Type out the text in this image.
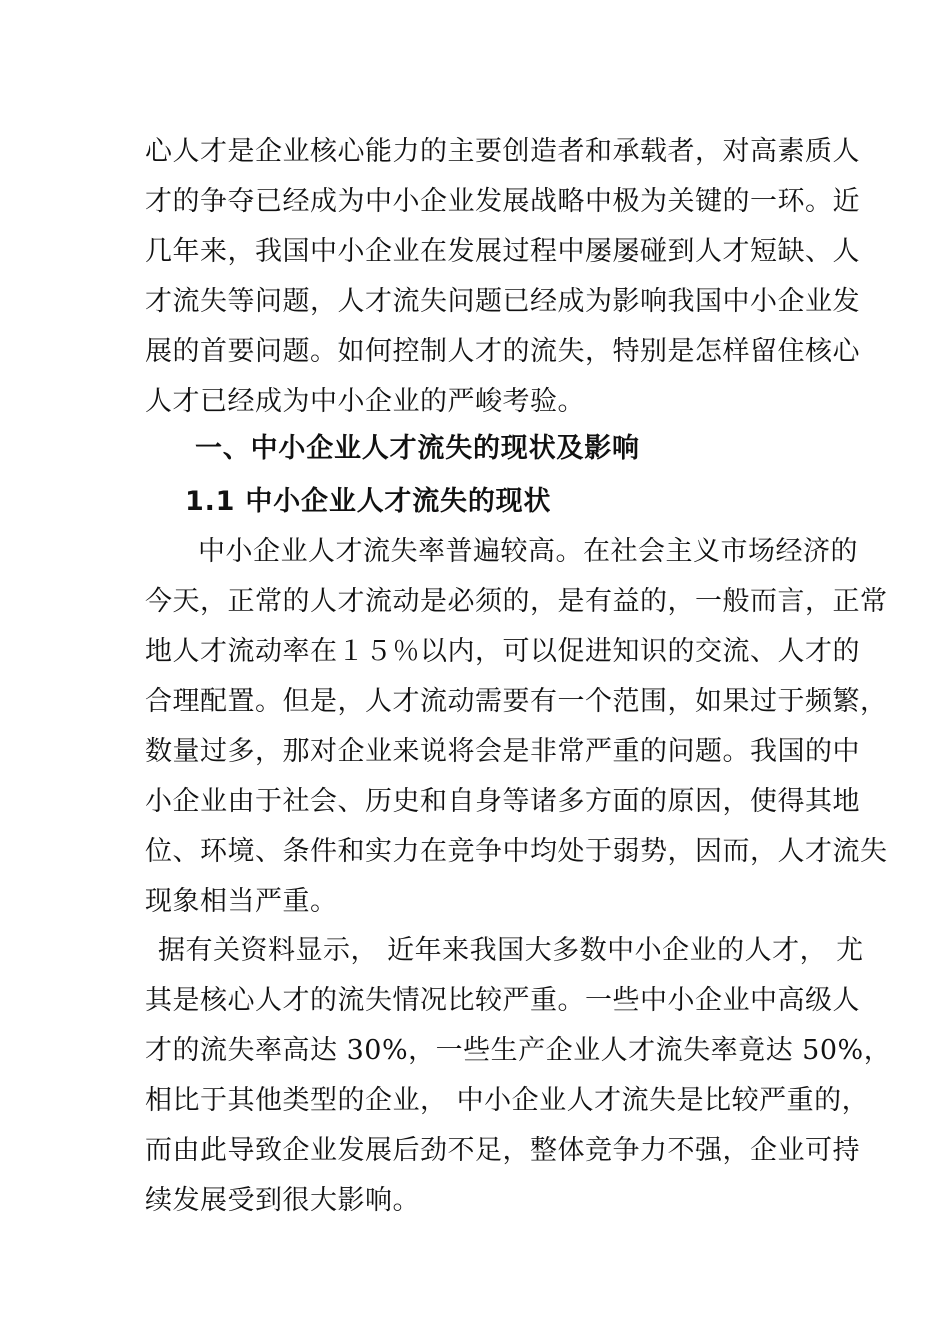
心人才是企业核心能力的主要创造者和承载者，对高素质人
才的争夺已经成为中小企业发展战略中极为关键的一环。近
几年来，我国中小企业在发展过程中屡屡碰到人才短缺、人
才流失等问题，人才流失问题已经成为影响我国中小企业发
展的首要问题。如何控制人才的流失，特别是怎样留住核心
人才已经成为中小企业的严峻考验。
一、中小企业人才流失的现状及影响
1.1 中小企业人才流失的现状
中小企业人才流失率普遍较高。在社会主义市场经济的
今天，正常的人才流动是必须的，是有益的，一般而言，正常
地人才流动率在１５％以内，可以促进知识的交流、人才的
合理配置。但是，人才流动需要有一个范围，如果过于频繁，
数量过多，那对企业来说将会是非常严重的问题。我国的中
小企业由于社会、历史和自身等诸多方面的原因，使得其地
位、环境、条件和实力在竞争中均处于弱势，因而，人才流失
现象相当严重。
据有关资料显示， 近年来我国大多数中小企业的人才， 尤
其是核心人才的流失情况比较严重。一些中小企业中高级人
才的流失率高达 30%，一些生产企业人才流失率竟达 50%，
相比于其他类型的企业， 中小企业人才流失是比较严重的，
而由此导致企业发展后劲不足，整体竞争力不强，企业可持
续发展受到很大影响。
